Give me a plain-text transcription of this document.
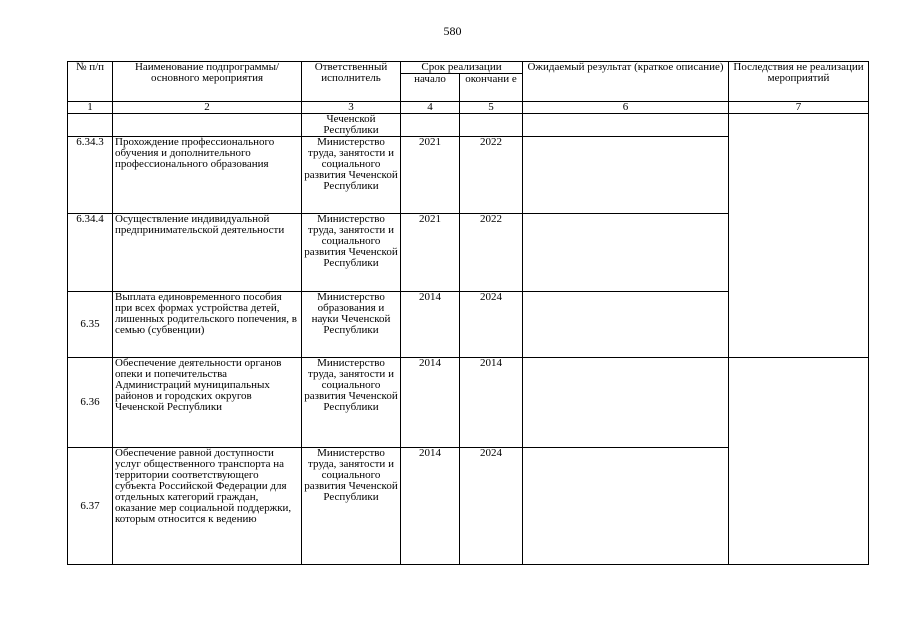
580
№ п/п	Наименование подпрограммы/ основного мероприятия	Ответственный исполнитель	Срок реализации		Ожидаемый результат (краткое описание)	Последствия не реализации мероприятий
			начало	окончани е		
1	2	3	4	5	6	7
		Чеченской Республики				
6.34.3	Прохождение профессионального обучения и дополнительного профессионального образования	Министерство труда, занятости и социального развития Чеченской Республики	2021	2022		
6.34.4	Осуществление индивидуальной предпринимательской деятельности	Министерство труда, занятости и социального развития Чеченской Республики	2021	2022		
6.35	Выплата единовременного пособия при всех формах устройства детей, лишенных родительского попечения, в семью (субвенции)	Министерство образования и науки Чеченской Республики	2014	2024		
6.36	Обеспечение деятельности органов опеки и попечительства Администраций муниципальных районов и городских округов Чеченской Республики	Министерство труда, занятости и социального развития Чеченской Республики	2014	2014		
6.37	Обеспечение равной доступности услуг общественного транспорта на территории соответствующего субъекта Российской Федерации для отдельных категорий граждан, оказание мер социальной поддержки, которым относится к ведению	Министерство труда, занятости и социального развития Чеченской Республики	2014	2024		
